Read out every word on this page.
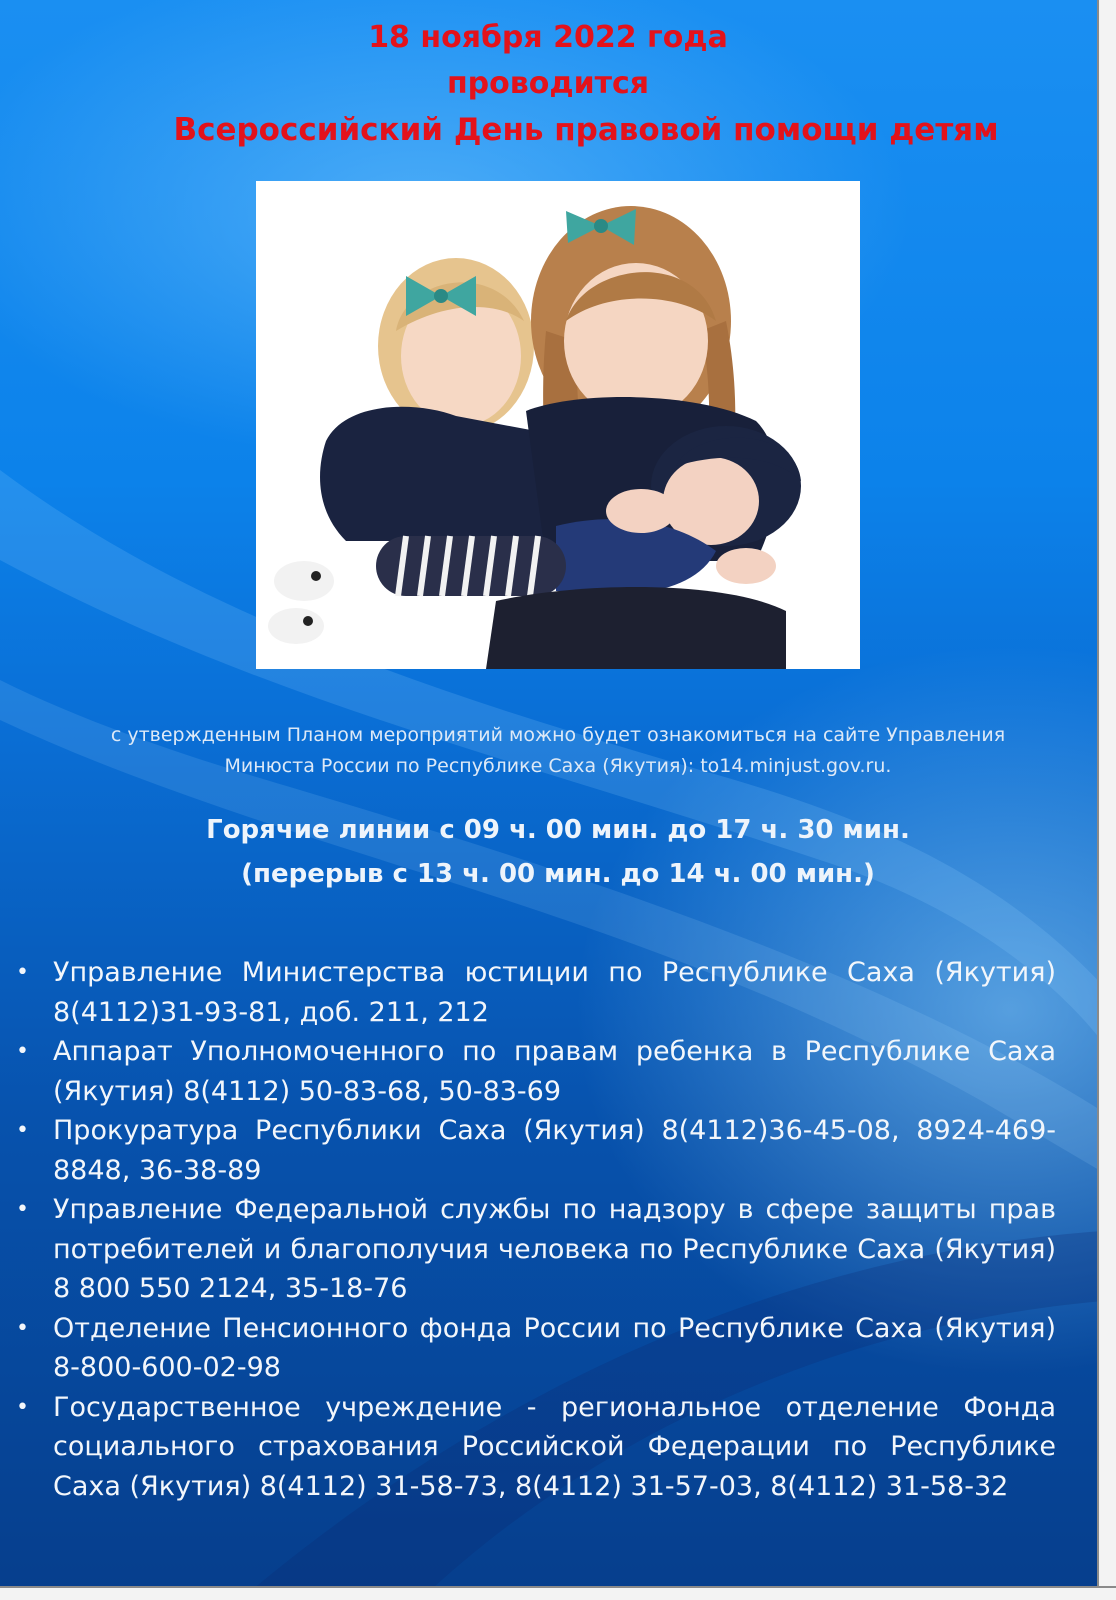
18 ноября 2022 года

проводится

Всероссийский День правовой помощи детям

с утвержденным Планом мероприятий можно будет ознакомиться на сайте Управления
Минюста России по Республике Саха (Якутия): to14.minjust.gov.ru.
Горячие линии с 09 ч. 00 мин. до 17 ч. 30 мин.
(перерыв с 13 ч. 00 мин. до 14 ч. 00 мин.)
• Управление Министерства юстиции по Республике Саха (Якутия) 8(4112)31-93-81, доб. 211, 212
• Аппарат Уполномоченного по правам ребенка в Республике Саха (Якутия) 8(4112) 50-83-68, 50-83-69
• Прокуратура Республики Саха (Якутия) 8(4112)36-45-08, 8924-469-8848, 36-38-89
• Управление Федеральной службы по надзору в сфере защиты прав потребителей и благополучия человека по Республике Саха (Якутия) 8 800 550 2124, 35-18-76
• Отделение Пенсионного фонда России по Республике Саха (Якутия) 8-800-600-02-98
• Государственное учреждение - региональное отделение Фонда социального страхования Российской Федерации по Республике Саха (Якутия) 8(4112) 31-58-73, 8(4112) 31-57-03, 8(4112) 31-58-32
